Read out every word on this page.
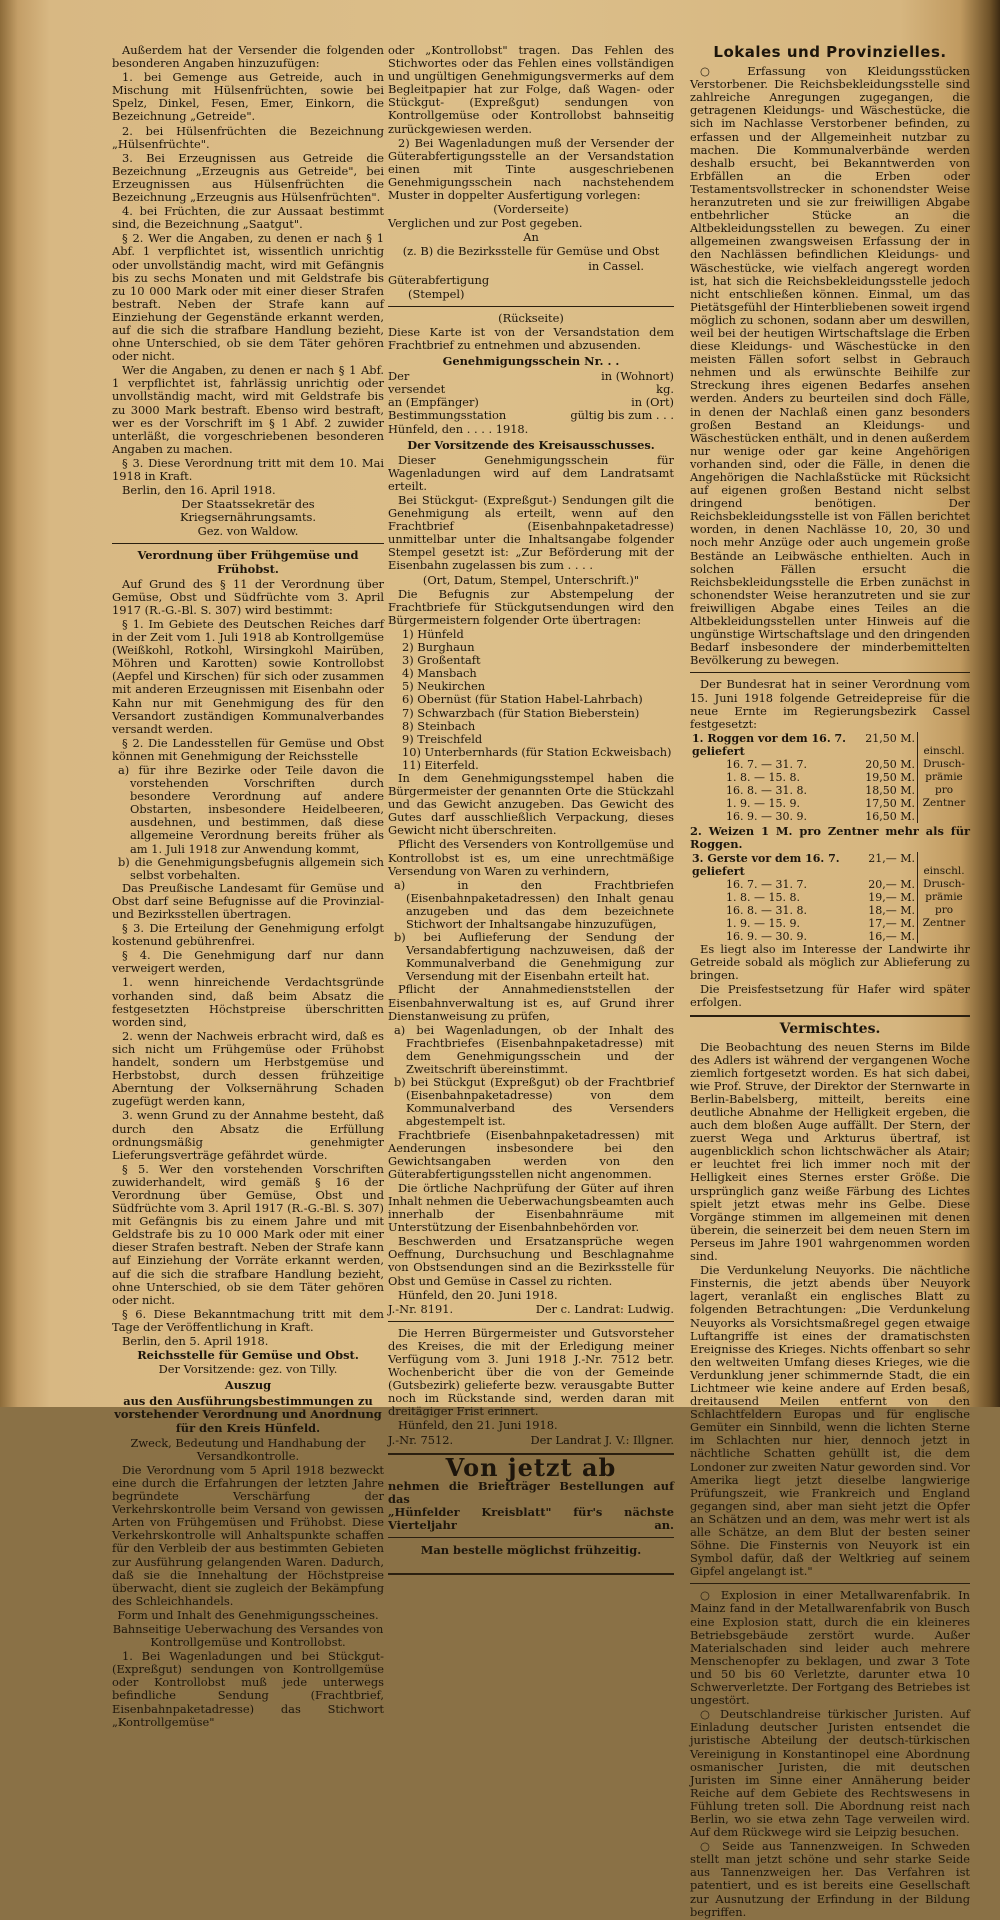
Außerdem hat der Versender die folgenden besonderen Angaben hinzuzufügen:

1. bei Gemenge aus Getreide, auch in Mischung mit Hülsenfrüchten, sowie bei Spelz, Dinkel, Fesen, Emer, Einkorn, die Bezeichnung „Getreide".

2. bei Hülsenfrüchten die Bezeichnung „Hülsenfrüchte".

3. Bei Erzeugnissen aus Getreide die Bezeichnung „Erzeugnis aus Getreide", bei Erzeugnissen aus Hülsenfrüchten die Bezeichnung „Erzeugnis aus Hülsenfrüchten".

4. bei Früchten, die zur Aussaat bestimmt sind, die Bezeichnung „Saatgut".

§ 2. Wer die Angaben, zu denen er nach § 1 Abf. 1 verpflichtet ist, wissentlich unrichtig oder unvollständig macht, wird mit Gefängnis bis zu sechs Monaten und mit Geldstrafe bis zu 10 000 Mark oder mit einer dieser Strafen bestraft. Neben der Strafe kann auf Einziehung der Gegenstände erkannt werden, auf die sich die strafbare Handlung bezieht, ohne Unterschied, ob sie dem Täter gehören oder nicht.

Wer die Angaben, zu denen er nach § 1 Abf. 1 verpflichtet ist, fahrlässig unrichtig oder unvollständig macht, wird mit Geldstrafe bis zu 3000 Mark bestraft. Ebenso wird bestraft, wer es der Vorschrift im § 1 Abf. 2 zuwider unterläßt, die vorgeschriebenen besonderen Angaben zu machen.

§ 3. Diese Verordnung tritt mit dem 10. Mai 1918 in Kraft.

Berlin, den 16. April 1918.

Der Staatssekretär des Kriegsernährungsamts.

Gez. von Waldow.

Verordnung über Frühgemüse und Frühobst.

Auf Grund des § 11 der Verordnung über Gemüse, Obst und Südfrüchte vom 3. April 1917 (R.-G.-Bl. S. 307) wird bestimmt:

§ 1. Im Gebiete des Deutschen Reiches darf in der Zeit vom 1. Juli 1918 ab Kontrollgemüse (Weißkohl, Rotkohl, Wirsingkohl Mairüben, Möhren und Karotten) sowie Kontrollobst (Aepfel und Kirschen) für sich oder zusammen mit anderen Erzeugnissen mit Eisenbahn oder Kahn nur mit Genehmigung des für den Versandort zuständigen Kommunalverbandes versandt werden.

§ 2. Die Landesstellen für Gemüse und Obst können mit Genehmigung der Reichsstelle

a) für ihre Bezirke oder Teile davon die vorstehenden Vorschriften durch besondere Verordnung auf andere Obstarten, insbesondere Heidelbeeren, ausdehnen, und bestimmen, daß diese allgemeine Verordnung bereits früher als am 1. Juli 1918 zur Anwendung kommt,

b) die Genehmigungsbefugnis allgemein sich selbst vorbehalten.

Das Preußische Landesamt für Gemüse und Obst darf seine Befugnisse auf die Provinzial- und Bezirksstellen übertragen.

§ 3. Die Erteilung der Genehmigung erfolgt kostenund gebührenfrei.

§ 4. Die Genehmigung darf nur dann verweigert werden,

1. wenn hinreichende Verdachtsgründe vorhanden sind, daß beim Absatz die festgesetzten Höchstpreise überschritten worden sind,

2. wenn der Nachweis erbracht wird, daß es sich nicht um Frühgemüse oder Frühobst handelt, sondern um Herbstgemüse und Herbstobst, durch dessen frühzeitige Aberntung der Volksernährung Schaden zugefügt werden kann,

3. wenn Grund zu der Annahme besteht, daß durch den Absatz die Erfüllung ordnungsmäßig genehmigter Lieferungsverträge gefährdet würde.

§ 5. Wer den vorstehenden Vorschriften zuwiderhandelt, wird gemäß § 16 der Verordnung über Gemüse, Obst und Südfrüchte vom 3. April 1917 (R.-G.-Bl. S. 307) mit Gefängnis bis zu einem Jahre und mit Geldstrafe bis zu 10 000 Mark oder mit einer dieser Strafen bestraft. Neben der Strafe kann auf Einziehung der Vorräte erkannt werden, auf die sich die strafbare Handlung bezieht, ohne Unterschied, ob sie dem Täter gehören oder nicht.

§ 6. Diese Bekanntmachung tritt mit dem Tage der Veröffentlichung in Kraft.

Berlin, den 5. April 1918.

Reichsstelle für Gemüse und Obst.

Der Vorsitzende: gez. von Tilly.

Auszug

aus den Ausführungsbestimmungen zu vorstehender Verordnung und Anordnung für den Kreis Hünfeld.

Zweck, Bedeutung und Handhabung der Versandkontrolle.

Die Verordnung vom 5 April 1918 bezweckt eine durch die Erfahrungen der letzten Jahre begründete Verschärfung der Verkehrskontrolle beim Versand von gewissen Arten von Frühgemüsen und Frühobst. Diese Verkehrskontrolle will Anhaltspunkte schaffen für den Verbleib der aus bestimmten Gebieten zur Ausführung gelangenden Waren. Dadurch, daß sie die Innehaltung der Höchstpreise überwacht, dient sie zugleich der Bekämpfung des Schleichhandels.

Form und Inhalt des Genehmigungsscheines.

Bahnseitige Ueberwachung des Versandes von Kontrollgemüse und Kontrollobst.

1. Bei Wagenladungen und bei Stückgut- (Expreßgut) sendungen von Kontrollgemüse oder Kontrollobst muß jede unterwegs befindliche Sendung (Frachtbrief, Eisenbahnpaketadresse) das Stichwort „Kontrollgemüse"

oder „Kontrollobst" tragen. Das Fehlen des Stichwortes oder das Fehlen eines vollständigen und ungültigen Genehmigungsvermerks auf dem Begleitpapier hat zur Folge, daß Wagen- oder Stückgut- (Expreßgut) sendungen von Kontrollgemüse oder Kontrollobst bahnseitig zurückgewiesen werden.

2) Bei Wagenladungen muß der Versender der Güterabfertigungsstelle an der Versandstation einen mit Tinte ausgeschriebenen Genehmigungsschein nach nachstehendem Muster in doppelter Ausfertigung vorlegen:

(Vorderseite)

Verglichen und zur Post gegeben.

An

(z. B) die Bezirksstelle für Gemüse und Obst

in Cassel.

Güterabfertigung

(Stempel)

(Rückseite)

Diese Karte ist von der Versandstation dem Frachtbrief zu entnehmen und abzusenden.

Genehmigungsschein Nr. . .

Der	in (Wohnort)
versendet	kg.
an (Empfänger)	in (Ort)
Bestimmungsstation	gültig bis zum . . .

Hünfeld, den . . . . 1918.

Der Vorsitzende des Kreisausschusses.

Dieser Genehmigungsschein für Wagenladungen wird auf dem Landratsamt erteilt.

Bei Stückgut- (Expreßgut-) Sendungen gilt die Genehmigung als erteilt, wenn auf den Frachtbrief (Eisenbahnpaketadresse) unmittelbar unter die Inhaltsangabe folgender Stempel gesetzt ist: „Zur Beförderung mit der Eisenbahn zugelassen bis zum . . . .

(Ort, Datum, Stempel, Unterschrift.)"

Die Befugnis zur Abstempelung der Frachtbriefe für Stückgutsendungen wird den Bürgermeistern folgender Orte übertragen:

1) Hünfeld

2) Burghaun

3) Großentaft

4) Mansbach

5) Neukirchen

6) Obernüst (für Station Habel-Lahrbach)

7) Schwarzbach (für Station Bieberstein)

8) Steinbach

9) Treischfeld

10) Unterbernhards (für Station Eckweisbach)

11) Eiterfeld.

In dem Genehmigungsstempel haben die Bürgermeister der genannten Orte die Stückzahl und das Gewicht anzugeben. Das Gewicht des Gutes darf ausschließlich Verpackung, dieses Gewicht nicht überschreiten.

Pflicht des Versenders von Kontrollgemüse und Kontrollobst ist es, um eine unrechtmäßige Versendung von Waren zu verhindern,

a) in den Frachtbriefen (Eisenbahnpaketadressen) den Inhalt genau anzugeben und das dem bezeichnete Stichwort der Inhaltsangabe hinzuzufügen,

b) bei Auflieferung der Sendung der Versandabfertigung nachzuweisen, daß der Kommunalverband die Genehmigung zur Versendung mit der Eisenbahn erteilt hat.

Pflicht der Annahmedienststellen der Eisenbahnverwaltung ist es, auf Grund ihrer Dienstanweisung zu prüfen,

a) bei Wagenladungen, ob der Inhalt des Frachtbriefes (Eisenbahnpaketadresse) mit dem Genehmigungsschein und der Zweitschrift übereinstimmt.

b) bei Stückgut (Expreßgut) ob der Frachtbrief (Eisenbahnpaketadresse) von dem Kommunalverband des Versenders abgestempelt ist.

Frachtbriefe (Eisenbahnpaketadressen) mit Aenderungen insbesondere bei den Gewichtsangaben werden von den Güterabfertigungsstellen nicht angenommen.

Die örtliche Nachprüfung der Güter auf ihren Inhalt nehmen die Ueberwachungsbeamten auch innerhalb der Eisenbahnräume mit Unterstützung der Eisenbahnbehörden vor.

Beschwerden und Ersatzansprüche wegen Oeffnung, Durchsuchung und Beschlagnahme von Obstsendungen sind an die Bezirksstelle für Obst und Gemüse in Cassel zu richten.

Hünfeld, den 20. Juni 1918.

J.-Nr. 8191.	Der c. Landrat: Ludwig.

Die Herren Bürgermeister und Gutsvorsteher des Kreises, die mit der Erledigung meiner Verfügung vom 3. Juni 1918 J.-Nr. 7512 betr. Wochenbericht über die von der Gemeinde (Gutsbezirk) gelieferte bezw. verausgabte Butter noch im Rückstande sind, werden daran mit dreitägiger Frist erinnert.

Hünfeld, den 21. Juni 1918.

J.-Nr. 7512.	Der Landrat J. V.: Illgner.

Von jetzt ab

nehmen die Briefträger Bestellungen auf das

„Hünfelder Kreisblatt" für's nächste Vierteljahr an.

Man bestelle möglichst frühzeitig.

Lokales und Provinzielles.

○ Erfassung von Kleidungsstücken Verstorbener. Die Reichsbekleidungsstelle sind zahlreiche Anregungen zugegangen, die getragenen Kleidungs- und Wäschestücke, die sich im Nachlasse Verstorbener befinden, zu erfassen und der Allgemeinheit nutzbar zu machen. Die Kommunalverbände werden deshalb ersucht, bei Bekanntwerden von Erbfällen an die Erben oder Testamentsvollstrecker in schonendster Weise heranzutreten und sie zur freiwilligen Abgabe entbehrlicher Stücke an die Altbekleidungsstellen zu bewegen. Zu einer allgemeinen zwangsweisen Erfassung der in den Nachlässen befindlichen Kleidungs- und Wäschestücke, wie vielfach angeregt worden ist, hat sich die Reichsbekleidungsstelle jedoch nicht entschließen können. Einmal, um das Pietätsgefühl der Hinterbliebenen soweit irgend möglich zu schonen, sodann aber um deswillen, weil bei der heutigen Wirtschaftslage die Erben diese Kleidungs- und Wäschestücke in den meisten Fällen sofort selbst in Gebrauch nehmen und als erwünschte Beihilfe zur Streckung ihres eigenen Bedarfes ansehen werden. Anders zu beurteilen sind doch Fälle, in denen der Nachlaß einen ganz besonders großen Bestand an Kleidungs- und Wäschestücken enthält, und in denen außerdem nur wenige oder gar keine Angehörigen vorhanden sind, oder die Fälle, in denen die Angehörigen die Nachlaßstücke mit Rücksicht auf eigenen großen Bestand nicht selbst dringend benötigen. Der Reichsbekleidungsstelle ist von Fällen berichtet worden, in denen Nachlässe 10, 20, 30 und noch mehr Anzüge oder auch ungemein große Bestände an Leibwäsche enthielten. Auch in solchen Fällen ersucht die Reichsbekleidungsstelle die Erben zunächst in schonendster Weise heranzutreten und sie zur freiwilligen Abgabe eines Teiles an die Altbekleidungsstellen unter Hinweis auf die ungünstige Wirtschaftslage und den dringenden Bedarf insbesondere der minderbemittelten Bevölkerung zu bewegen.

Der Bundesrat hat in seiner Verordnung vom 15. Juni 1918 folgende Getreidepreise für die neue Ernte im Regierungsbezirk Cassel festgesetzt:

1. Roggen vor dem 16. 7. geliefert		21,50 M.	einschl. Drusch-prämie pro Zentner
	16. 7. — 31. 7.	20,50 M.	
	1. 8. — 15. 8.	19,50 M.	
	16. 8. — 31. 8.	18,50 M.	
	1. 9. — 15. 9.	17,50 M.	
	16. 9. — 30. 9.	16,50 M.	

2. Weizen 1 M. pro Zentner mehr als für Roggen.

3. Gerste vor dem 16. 7. geliefert		21,— M.	einschl. Drusch-prämie pro Zentner
	16. 7. — 31. 7.	20,— M.	
	1. 8. — 15. 8.	19,— M.	
	16. 8. — 31. 8.	18,— M.	
	1. 9. — 15. 9.	17,— M.	
	16. 9. — 30. 9.	16,— M.	

Es liegt also im Interesse der Landwirte ihr Getreide sobald als möglich zur Ablieferung zu bringen.

Die Preisfestsetzung für Hafer wird später erfolgen.

Vermischtes.

Die Beobachtung des neuen Sterns im Bilde des Adlers ist während der vergangenen Woche ziemlich fortgesetzt worden. Es hat sich dabei, wie Prof. Struve, der Direktor der Sternwarte in Berlin-Babelsberg, mitteilt, bereits eine deutliche Abnahme der Helligkeit ergeben, die auch dem bloßen Auge auffällt. Der Stern, der zuerst Wega und Arkturus übertraf, ist augenblicklich schon lichtschwächer als Atair; er leuchtet frei lich immer noch mit der Helligkeit eines Sternes erster Größe. Die ursprünglich ganz weiße Färbung des Lichtes spielt jetzt etwas mehr ins Gelbe. Diese Vorgänge stimmen im allgemeinen mit denen überein, die seinerzeit bei dem neuen Stern im Perseus im Jahre 1901 wahrgenommen worden sind.

Die Verdunkelung Neuyorks. Die nächtliche Finsternis, die jetzt abends über Neuyork lagert, veranlaßt ein englisches Blatt zu folgenden Betrachtungen: „Die Verdunkelung Neuyorks als Vorsichtsmaßregel gegen etwaige Luftangriffe ist eines der dramatischsten Ereignisse des Krieges. Nichts offenbart so sehr den weltweiten Umfang dieses Krieges, wie die Verdunklung jener schimmernde Stadt, die ein Lichtmeer wie keine andere auf Erden besaß, dreitausend Meilen entfernt von den Schlachtfeldern Europas und für englische Gemüter ein Sinnbild, wenn die lichten Sterne im Schlachten nur hier, dennoch jetzt in nächtliche Schatten gehüllt ist, die dem Londoner zur zweiten Natur geworden sind. Vor Amerika liegt jetzt dieselbe langwierige Prüfungszeit, wie Frankreich und England gegangen sind, aber man sieht jetzt die Opfer an Schätzen und an dem, was mehr wert ist als alle Schätze, an dem Blut der besten seiner Söhne. Die Finsternis von Neuyork ist ein Symbol dafür, daß der Weltkrieg auf seinem Gipfel angelangt ist."

○ Explosion in einer Metallwarenfabrik. In Mainz fand in der Metallwarenfabrik von Busch eine Explosion statt, durch die ein kleineres Betriebsgebäude zerstört wurde. Außer Materialschaden sind leider auch mehrere Menschenopfer zu beklagen, und zwar 3 Tote und 50 bis 60 Verletzte, darunter etwa 10 Schwerverletzte. Der Fortgang des Betriebes ist ungestört.

○ Deutschlandreise türkischer Juristen. Auf Einladung deutscher Juristen entsendet die juristische Abteilung der deutsch-türkischen Vereinigung in Konstantinopel eine Abordnung osmanischer Juristen, die mit deutschen Juristen im Sinne einer Annäherung beider Reiche auf dem Gebiete des Rechtswesens in Fühlung treten soll. Die Abordnung reist nach Berlin, wo sie etwa zehn Tage verweilen wird. Auf dem Rückwege wird sie Leipzig besuchen.

○ Seide aus Tannenzweigen. In Schweden stellt man jetzt schöne und sehr starke Seide aus Tannenzweigen her. Das Verfahren ist patentiert, und es ist bereits eine Gesellschaft zur Ausnutzung der Erfindung in der Bildung begriffen.
